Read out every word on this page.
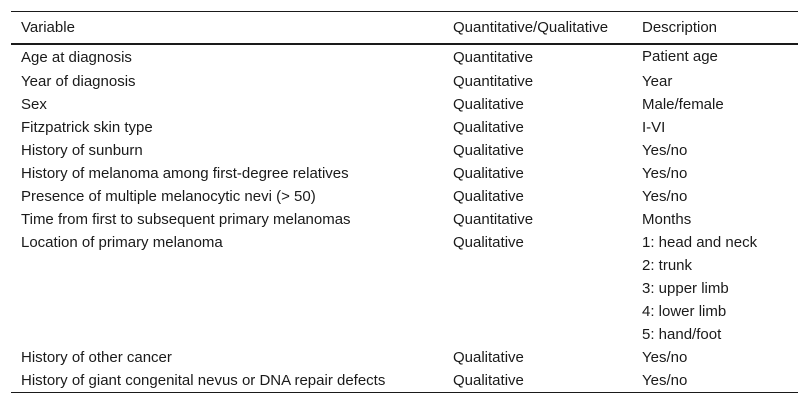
Variable	Quantitative/Qualitative	Description
Age at diagnosis	Quantitative	Patient age

Year of diagnosis	Quantitative	Year

Sex	Qualitative	Male/female

Fitzpatrick skin type	Qualitative	I-VI

History of sunburn	Qualitative	Yes/no

History of melanoma among first-degree relatives	Qualitative	Yes/no

Presence of multiple melanocytic nevi (> 50)	Qualitative	Yes/no

Time from first to subsequent primary melanomas	Quantitative	Months

Location of primary melanoma	Qualitative	1: head and neck
2: trunk
3: upper limb
4: lower limb
5: hand/foot

History of other cancer	Qualitative	Yes/no

History of giant congenital nevus or DNA repair defects	Qualitative	Yes/no
